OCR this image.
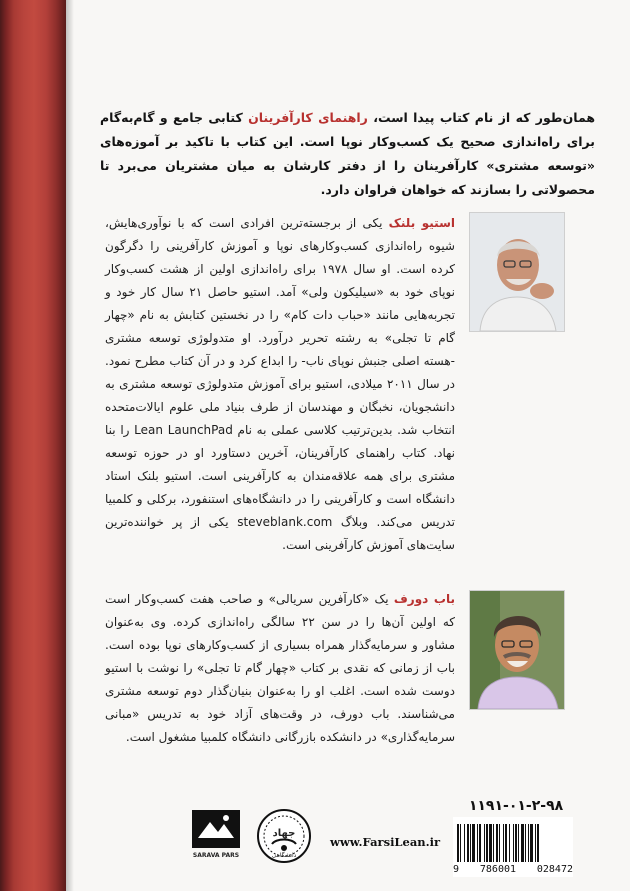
همان‌طور که از نام کتاب پیدا است، راهنمای کارآفرینان کتابی جامع و گام‌به‌گام برای راه‌اندازی صحیح یک کسب‌وکار نوپا است. این کتاب با تاکید بر آموزه‌های «توسعه مشتری» کارآفرینان را از دفتر کارشان به میان مشتریان می‌برد تا محصولاتی را بسازند که خواهان فراوان دارد.
استیو بلنک یکی از برجسته‌ترین افرادی است که با نوآوری‌هایش، شیوه راه‌اندازی کسب‌وکارهای نوپا و آموزش کارآفرینی را دگرگون کرده است. او سال ۱۹۷۸ برای راه‌اندازی اولین از هشت کسب‌وکار نوپای خود به «سیلیکون ولی» آمد. استیو حاصل ۲۱ سال کار خود و تجربه‌هایی مانند «حباب دات کام» را در نخستین کتابش به نام «چهار گام تا تجلی» به رشته تحریر درآورد. او متدولوژی توسعه مشتری -هسته اصلی جنبش نوپای ناب- را ابداع کرد و در آن کتاب مطرح نمود. در سال ۲۰۱۱ میلادی، استیو برای آموزش متدولوژی توسعه مشتری به دانشجویان، نخبگان و مهندسان از طرف بنیاد ملی علوم ایالات‌متحده انتخاب شد. بدین‌ترتیب کلاسی عملی به نام Lean LaunchPad را بنا نهاد. کتاب راهنمای کارآفرینان، آخرین دستاورد او در حوزه توسعه مشتری برای همه علاقه‌مندان به کارآفرینی است. استیو بلنک استاد دانشگاه است و کارآفرینی را در دانشگاه‌های استنفورد، برکلی و کلمبیا تدریس می‌کند. وبلاگ steveblank.com یکی از پر خواننده‌ترین سایت‌های آموزش کارآفرینی است.
باب دورف یک «کارآفرین سریالی» و صاحب هفت کسب‌وکار است که اولین آن‌ها را در سن ۲۲ سالگی راه‌اندازی کرده. وی به‌عنوان مشاور و سرمایه‌گذار همراه بسیاری از کسب‌وکارهای نوپا بوده است. باب از زمانی که نقدی بر کتاب «چهار گام تا تجلی» را نوشت با استیو دوست شده است. اغلب او را به‌عنوان بنیان‌گذار دوم توسعه مشتری می‌شناسند. باب دورف، در وقت‌های آزاد خود به تدریس «مبانی سرمایه‌گذاری» در دانشکده بازرگانی دانشگاه کلمبیا مشغول است.
۱۱۹۱-۰۱-۲-۹۸
9 786001 028472
www.FarsiLean.ir
جهاد
دانشگاهی
SARAVA PARS
